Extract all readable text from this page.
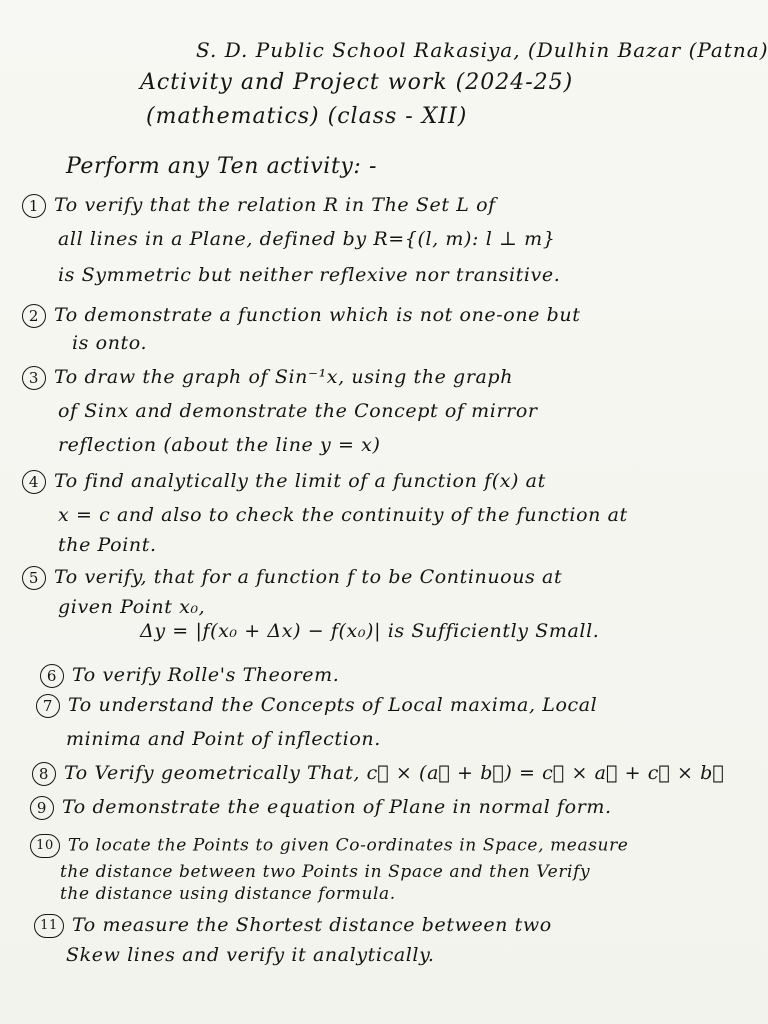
S. D. Public School Rakasiya, (Dulhin Bazar (Patna)
Activity and Project work (2024-25)
(mathematics) (class - XII)
Perform any Ten activity: -
1 To verify that the relation R in The Set L of
all lines in a Plane, defined by R={(l, m): l ⊥ m}
is Symmetric but neither reflexive nor transitive.
2 To demonstrate a function which is not one-one but
is onto.
3 To draw the graph of Sin⁻¹x, using the graph
of Sinx and demonstrate the Concept of mirror
reflection (about the line y = x)
4 To find analytically the limit of a function f(x) at
x = c and also to check the continuity of the function at
the Point.
5 To verify, that for a function f to be Continuous at
given Point x₀,
Δy = |f(x₀ + Δx) − f(x₀)| is Sufficiently Small.
6 To verify Rolle's Theorem.
7 To understand the Concepts of Local maxima, Local
minima and Point of inflection.
8 To Verify geometrically That, c⃗ × (a⃗ + b⃗) = c⃗ × a⃗ + c⃗ × b⃗
9 To demonstrate the equation of Plane in normal form.
10 To locate the Points to given Co-ordinates in Space, measure
the distance between two Points in Space and then Verify
the distance using distance formula.
11 To measure the Shortest distance between two
Skew lines and verify it analytically.
